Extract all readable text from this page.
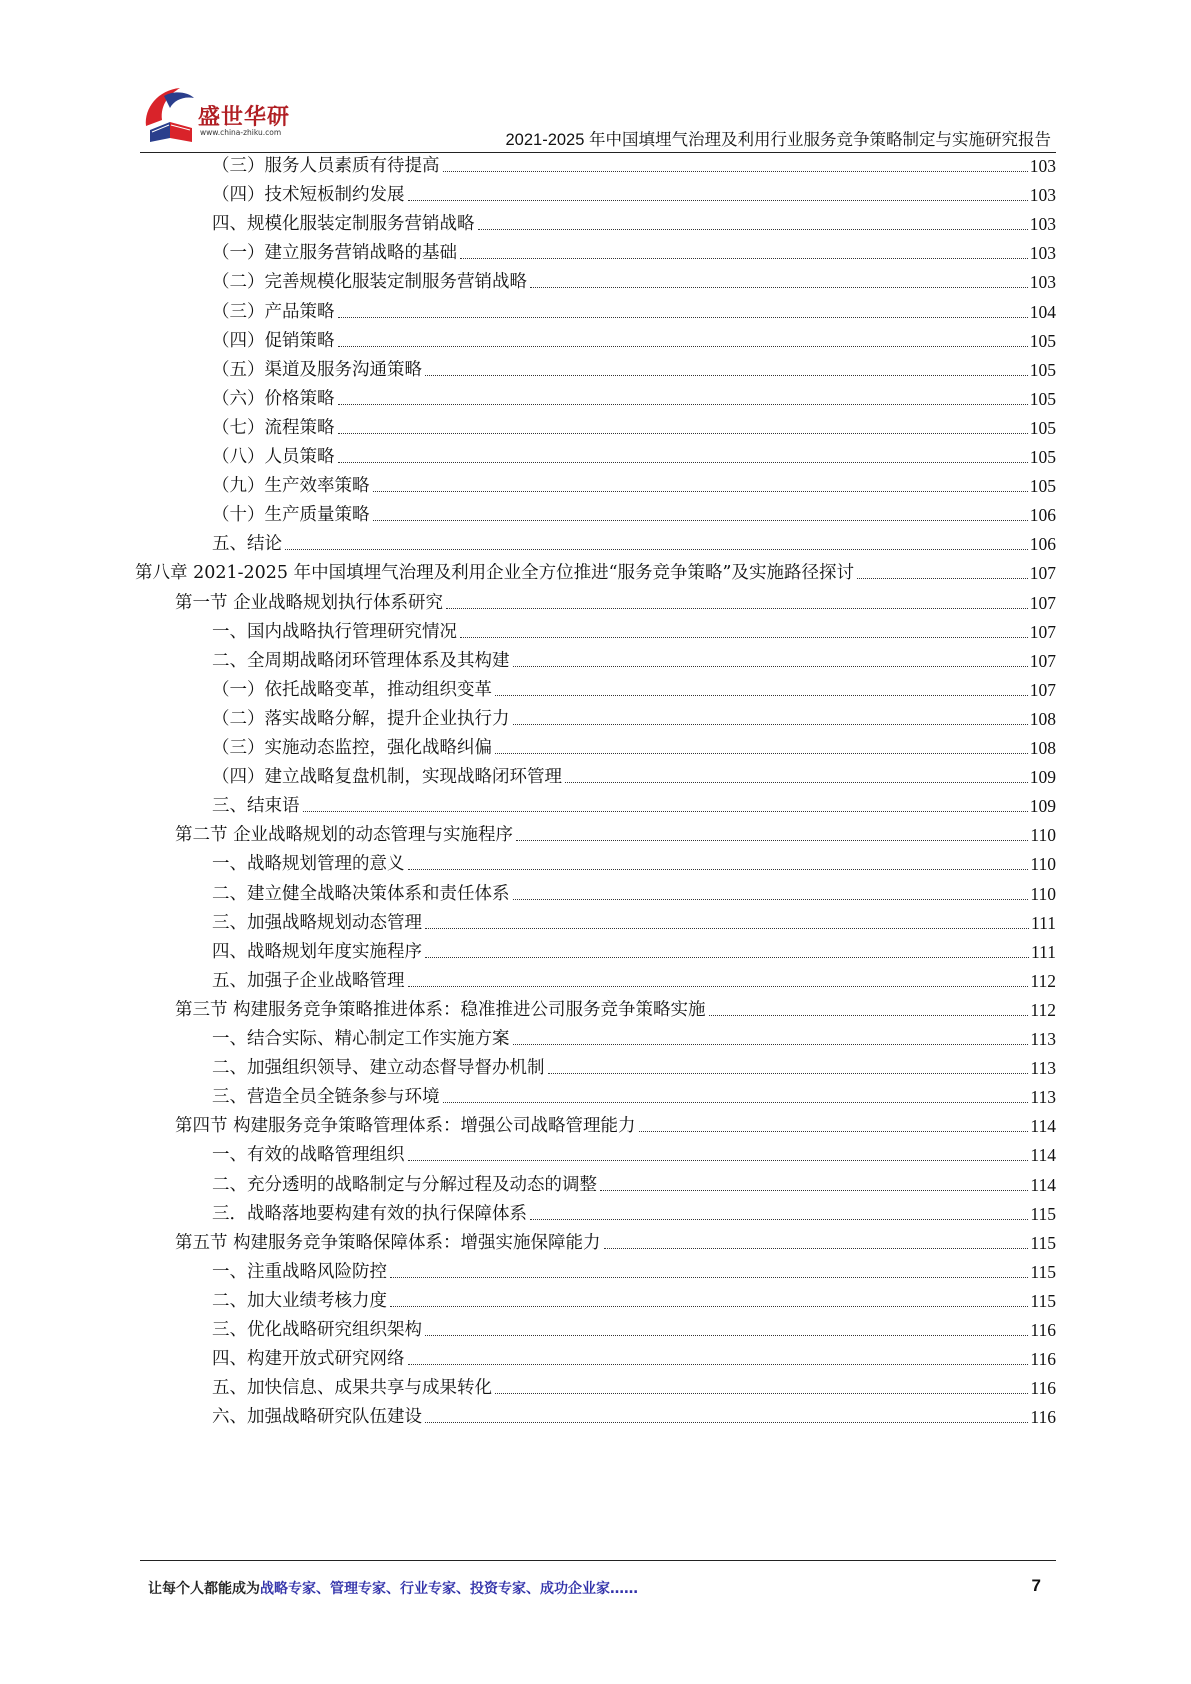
盛世华研
www.china-zhiku.com	2021-2025 年中国填埋气治理及利用行业服务竞争策略制定与实施研究报告
（三）服务人员素质有待提高	103
（四）技术短板制约发展	103
四、规模化服装定制服务营销战略	103
（一）建立服务营销战略的基础	103
（二）完善规模化服装定制服务营销战略	103
（三）产品策略	104
（四）促销策略	105
（五）渠道及服务沟通策略	105
（六）价格策略	105
（七）流程策略	105
（八）人员策略	105
（九）生产效率策略	105
（十）生产质量策略	106
五、结论	106
第八章 2021-2025 年中国填埋气治理及利用企业全方位推进“服务竞争策略”及实施路径探讨	107
第一节 企业战略规划执行体系研究	107
一、国内战略执行管理研究情况	107
二、全周期战略闭环管理体系及其构建	107
（一）依托战略变革，推动组织变革	107
（二）落实战略分解，提升企业执行力	108
（三）实施动态监控，强化战略纠偏	108
（四）建立战略复盘机制，实现战略闭环管理	109
三、结束语	109
第二节 企业战略规划的动态管理与实施程序	110
一、战略规划管理的意义	110
二、建立健全战略决策体系和责任体系	110
三、加强战略规划动态管理	111
四、战略规划年度实施程序	111
五、加强子企业战略管理	112
第三节 构建服务竞争策略推进体系：稳准推进公司服务竞争策略实施	112
一、结合实际、精心制定工作实施方案	113
二、加强组织领导、建立动态督导督办机制	113
三、营造全员全链条参与环境	113
第四节 构建服务竞争策略管理体系：增强公司战略管理能力	114
一、有效的战略管理组织	114
二、充分透明的战略制定与分解过程及动态的调整	114
三．战略落地要构建有效的执行保障体系	115
第五节 构建服务竞争策略保障体系：增强实施保障能力	115
一、注重战略风险防控	115
二、加大业绩考核力度	115
三、优化战略研究组织架构	116
四、构建开放式研究网络	116
五、加快信息、成果共享与成果转化	116
六、加强战略研究队伍建设	116
让每个人都能成为战略专家、管理专家、行业专家、投资专家、成功企业家……	7
